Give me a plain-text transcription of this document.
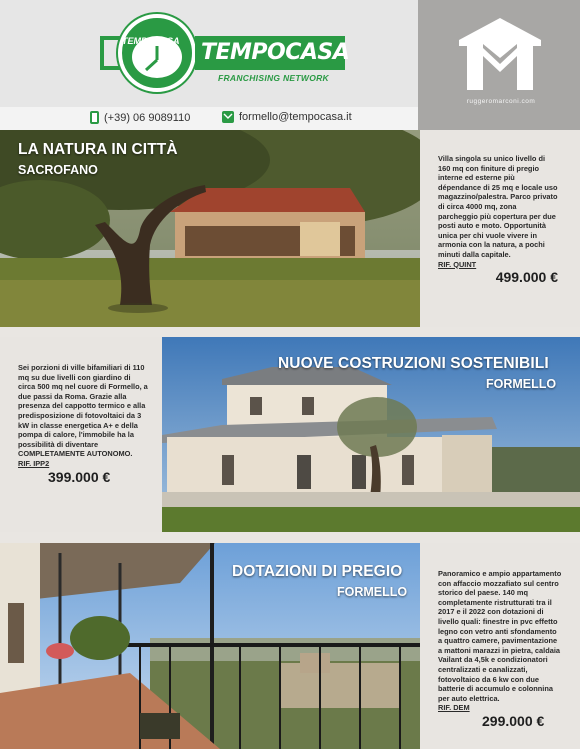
TEMPOCASA TEMPOCASA
FRANCHISING NETWORK
ruggeromarconi.com
(+39) 06 9089110	formello@tempocasa.it
LA NATURA IN CITTÀ
SACROFANO
Villa singola su unico livello di 160 mq con finiture di pregio interne ed esterne più dépendance di 25 mq e locale uso magazzino/palestra. Parco privato di circa 4000 mq, zona parcheggio più copertura per due posti auto e moto. Opportunità unica per chi vuole vivere in armonia con la natura, a pochi minuti dalla capitale.
RIF. QUINT
499.000 €
Sei porzioni di ville bifamiliari di 110 mq su due livelli con giardino di circa 500 mq nel cuore di Formello, a due passi da Roma. Grazie alla presenza del cappotto termico e alla predisposizione di fotovoltaici da 3 kW in classe energetica A+ e della pompa di calore, l'immobile ha la possibilità di diventare COMPLETAMENTE AUTONOMO.
RIF. IPP2
399.000 €
NUOVE COSTRUZIONI SOSTENIBILI
FORMELLO
DOTAZIONI DI PREGIO
FORMELLO
Panoramico e ampio appartamento con affaccio mozzafiato sul centro storico del paese. 140 mq completamente ristrutturati tra il 2017 e il 2022 con dotazioni di livello quali: finestre in pvc effetto legno con vetro anti sfondamento a quattro camere, pavimentazione a mattoni marazzi in pietra, caldaia Vailant da 4,5k e condizionatori centralizzati e canalizzati, fotovoltaico da 6 kw con due batterie di accumulo e colonnina per auto elettrica.
RIF. DEM
299.000 €
